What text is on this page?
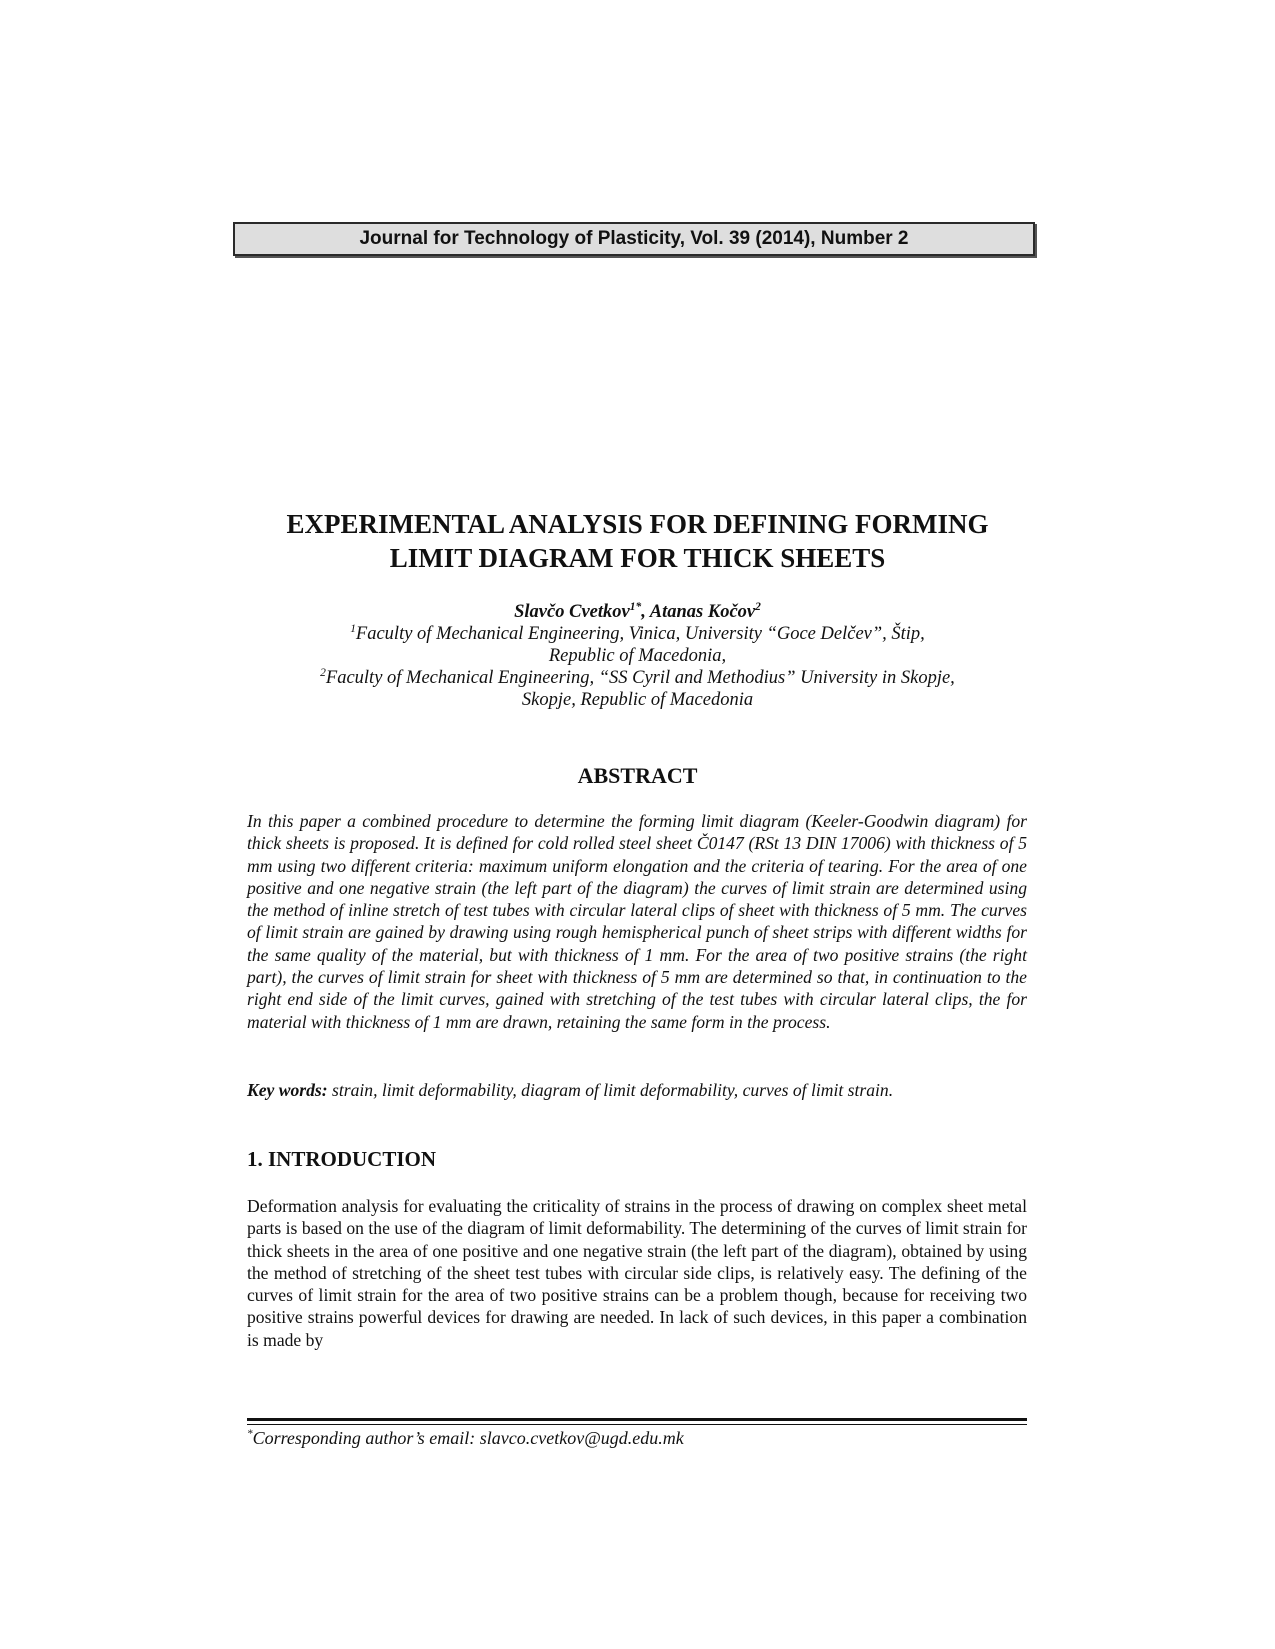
Journal for Technology of Plasticity, Vol. 39 (2014), Number 2
EXPERIMENTAL ANALYSIS FOR DEFINING FORMING
LIMIT DIAGRAM FOR THICK SHEETS
Slavčo Cvetkov$^{1*}$, Atanas Kočov$^2$
$^1$Faculty of Mechanical Engineering, Vinica, University “Goce Delčev”, Štip,
Republic of Macedonia,
$^2$Faculty of Mechanical Engineering, “SS Cyril and Methodius” University in Skopje,
Skopje, Republic of Macedonia
ABSTRACT

In this paper a combined procedure to determine the forming limit diagram (Keeler-Goodwin diagram) for thick sheets is proposed. It is defined for cold rolled steel sheet Č0147 (RSt 13 DIN 17006) with thickness of 5 mm using two different criteria: maximum uniform elongation and the criteria of tearing. For the area of one positive and one negative strain (the left part of the diagram) the curves of limit strain are determined using the method of inline stretch of test tubes with circular lateral clips of sheet with thickness of 5 mm. The curves of limit strain are gained by drawing using rough hemispherical punch of sheet strips with different widths for the same quality of the material, but with thickness of 1 mm. For the area of two positive strains (the right part), the curves of limit strain for sheet with thickness of 5 mm are determined so that, in continuation to the right end side of the limit curves, gained with stretching of the test tubes with circular lateral clips, the for material with thickness of 1 mm are drawn, retaining the same form in the process.

Key words: strain, limit deformability, diagram of limit deformability, curves of limit strain.

1. INTRODUCTION

Deformation analysis for evaluating the criticality of strains in the process of drawing on complex sheet metal parts is based on the use of the diagram of limit deformability. The determining of the curves of limit strain for thick sheets in the area of one positive and one negative strain (the left part of the diagram), obtained by using the method of stretching of the sheet test tubes with circular side clips, is relatively easy. The defining of the curves of limit strain for the area of two positive strains can be a problem though, because for receiving two positive strains powerful devices for drawing are needed. In lack of such devices, in this paper a combination is made by

*Corresponding author’s email: slavco.cvetkov@ugd.edu.mk
